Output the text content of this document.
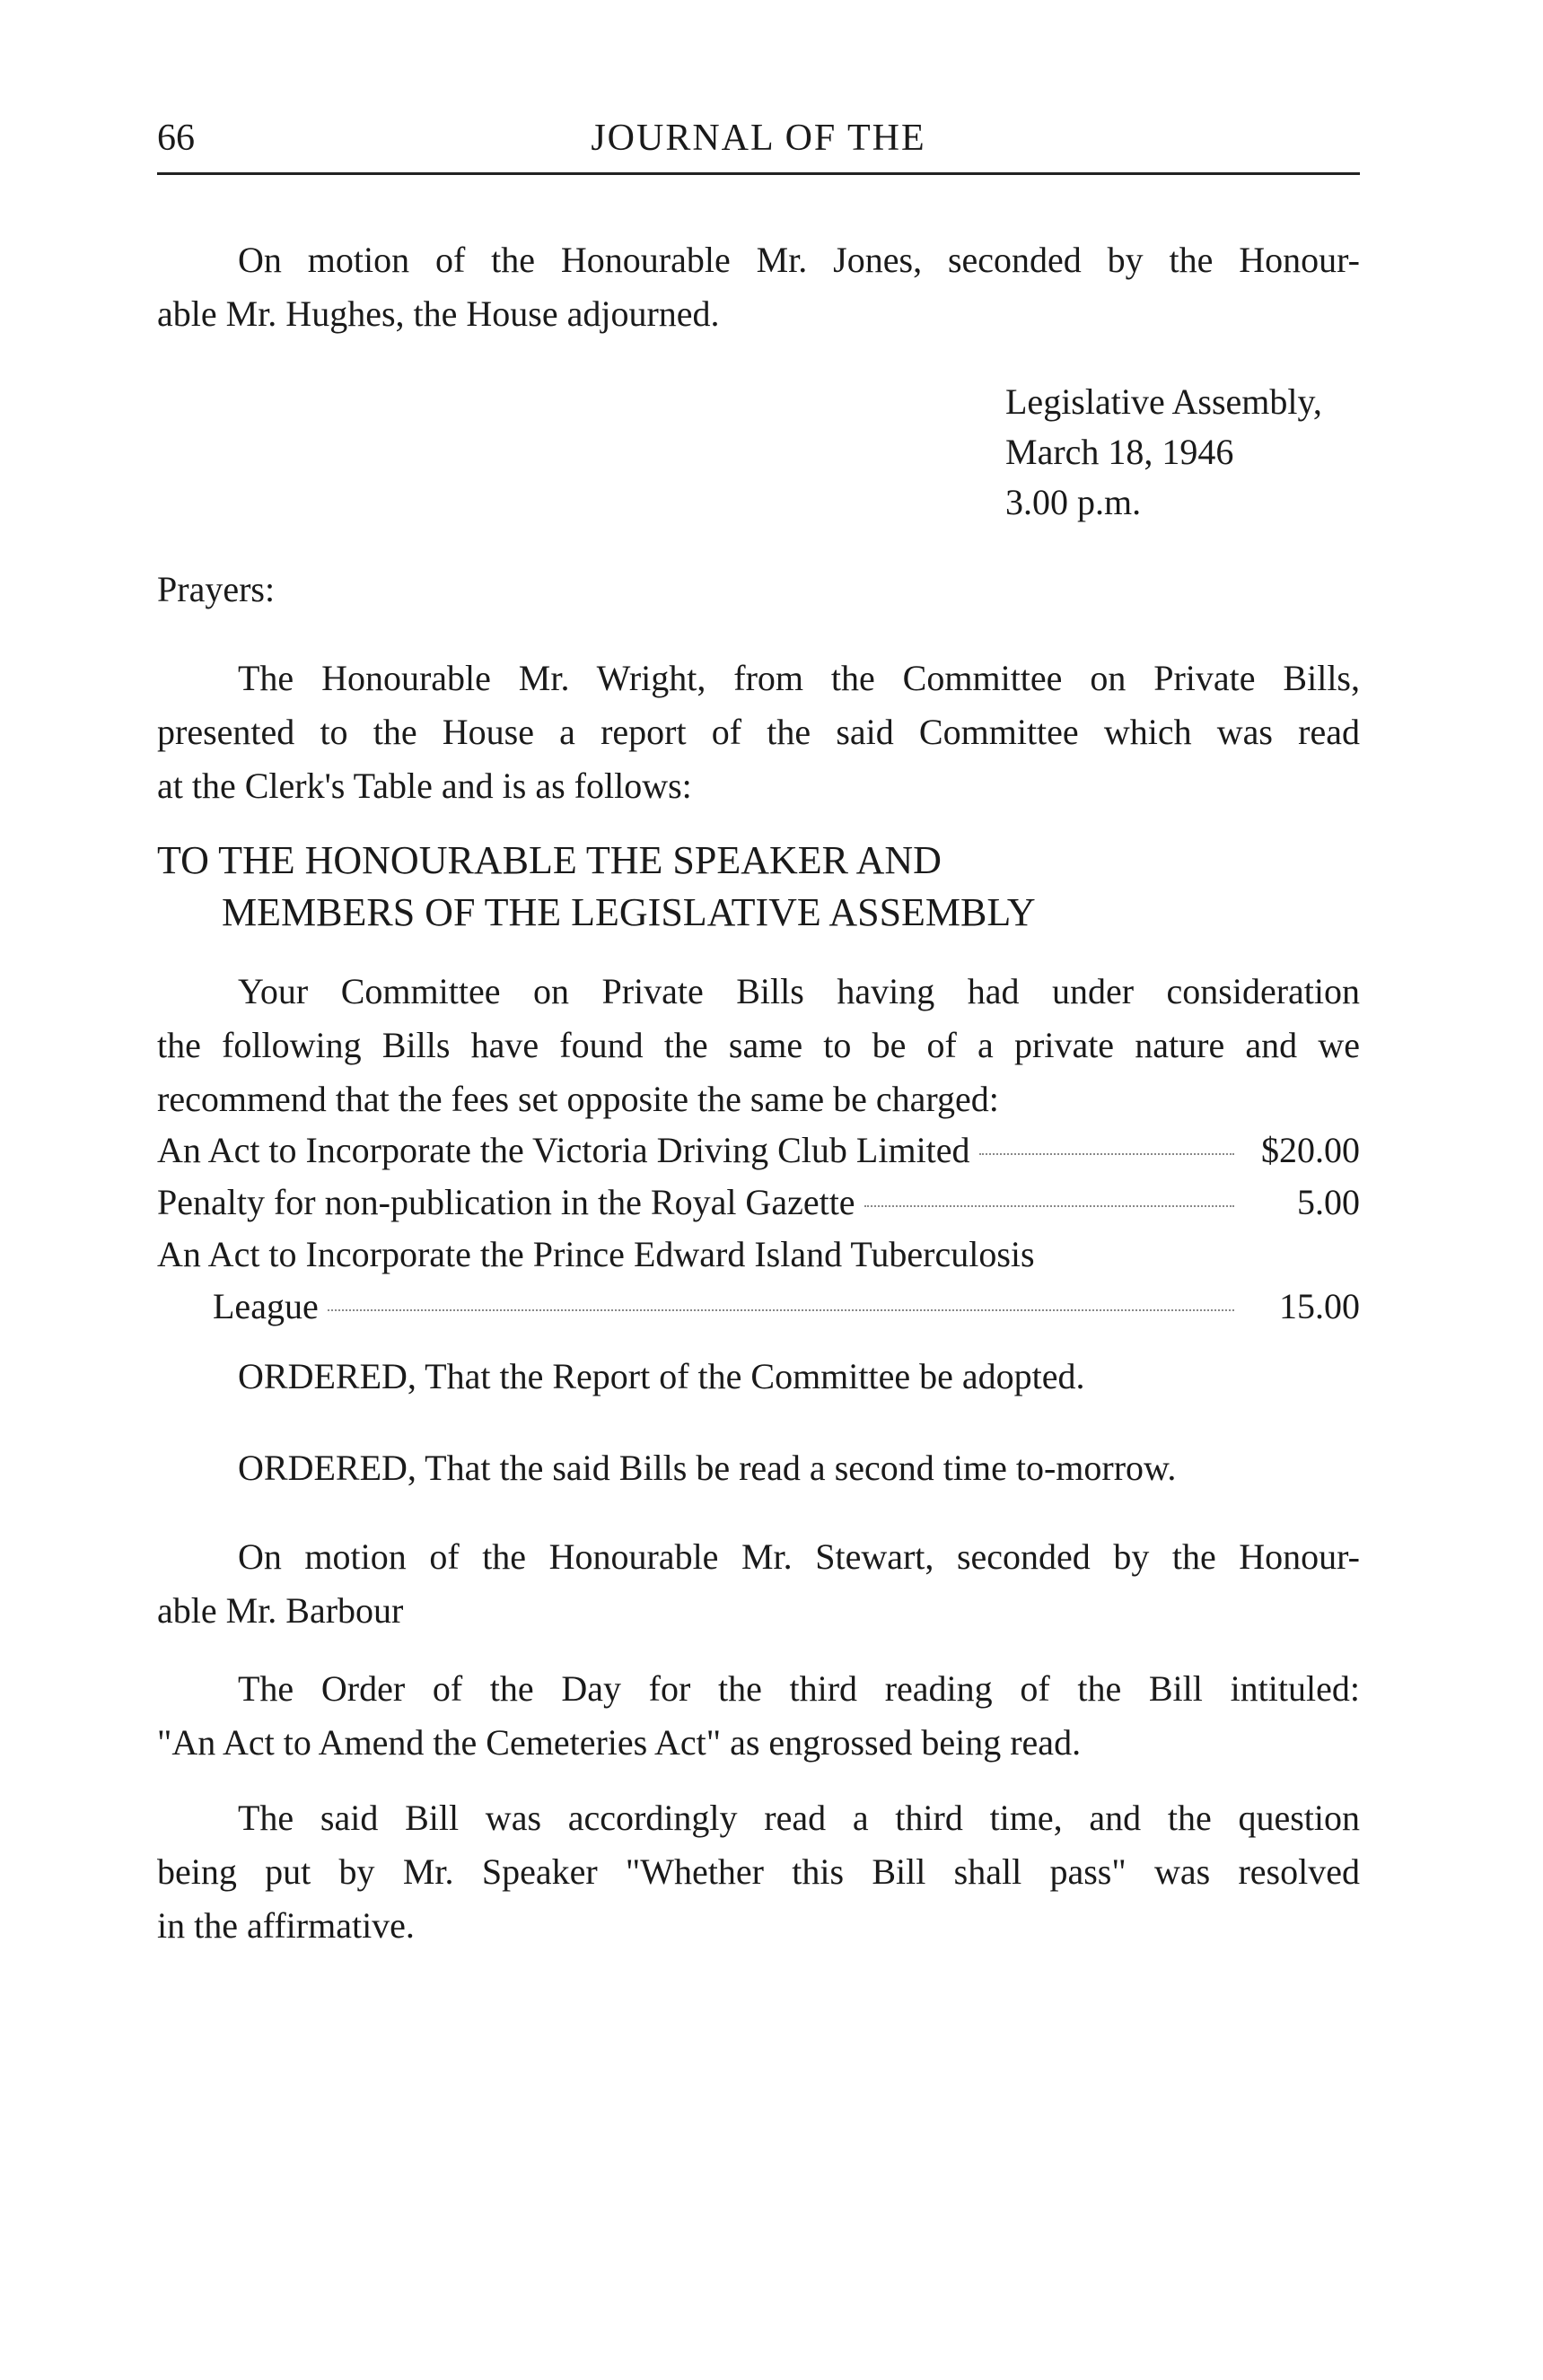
66	JOURNAL OF THE

On motion of the Honourable Mr. Jones, seconded by the Honour-
able Mr. Hughes, the House adjourned.

Legislative Assembly,
March 18, 1946
3.00 p.m.
Prayers:

The Honourable Mr. Wright, from the Committee on Private Bills,
presented to the House a report of the said Committee which was read
at the Clerk's Table and is as follows:

TO THE HONOURABLE THE SPEAKER AND
MEMBERS OF THE LEGISLATIVE ASSEMBLY

Your Committee on Private Bills having had under consideration
the following Bills have found the same to be of a private nature and we
recommend that the fees set opposite the same be charged:

An Act to Incorporate the Victoria Driving Club Limited	$20.00
Penalty for non-publication in the Royal Gazette	5.00
An Act to Incorporate the Prince Edward Island Tuberculosis
League	15.00
ORDERED, That the Report of the Committee be adopted.
ORDERED, That the said Bills be read a second time to-morrow.

On motion of the Honourable Mr. Stewart, seconded by the Honour-
able Mr. Barbour

The Order of the Day for the third reading of the Bill intituled:
"An Act to Amend the Cemeteries Act" as engrossed being read.

The said Bill was accordingly read a third time, and the question
being put by Mr. Speaker "Whether this Bill shall pass" was resolved
in the affirmative.
